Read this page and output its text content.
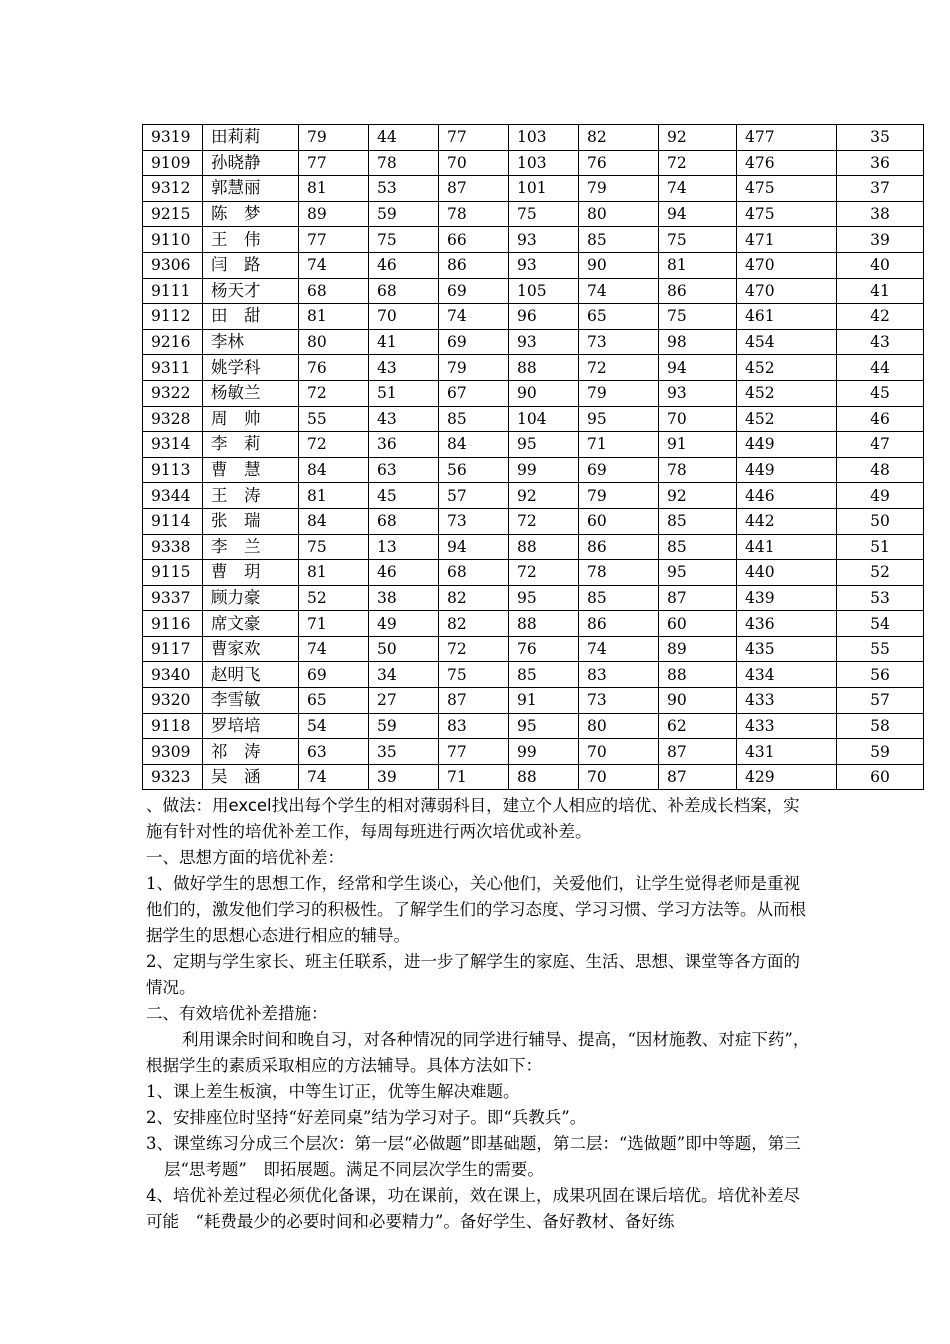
9319	田莉莉	79	44	77	103	82	92	477	35
9109	孙晓静	77	78	70	103	76	72	476	36
9312	郭慧丽	81	53	87	101	79	74	475	37
9215	陈　梦	89	59	78	75	80	94	475	38
9110	王　伟	77	75	66	93	85	75	471	39
9306	闫　路	74	46	86	93	90	81	470	40
9111	杨天才	68	68	69	105	74	86	470	41
9112	田　甜	81	70	74	96	65	75	461	42
9216	李林	80	41	69	93	73	98	454	43
9311	姚学科	76	43	79	88	72	94	452	44
9322	杨敏兰	72	51	67	90	79	93	452	45
9328	周　帅	55	43	85	104	95	70	452	46
9314	李　莉	72	36	84	95	71	91	449	47
9113	曹　慧	84	63	56	99	69	78	449	48
9344	王　涛	81	45	57	92	79	92	446	49
9114	张　瑞	84	68	73	72	60	85	442	50
9338	李　兰	75	13	94	88	86	85	441	51
9115	曹　玥	81	46	68	72	78	95	440	52
9337	顾力豪	52	38	82	95	85	87	439	53
9116	席文豪	71	49	82	88	86	60	436	54
9117	曹家欢	74	50	72	76	74	89	435	55
9340	赵明飞	69	34	75	85	83	88	434	56
9320	李雪敏	65	27	87	91	73	90	433	57
9118	罗培培	54	59	83	95	80	62	433	58
9309	祁　涛	63	35	77	99	70	87	431	59
9323	吴　涵	74	39	71	88	70	87	429	60

、做法：用excel找出每个学生的相对薄弱科目，建立个人相应的培优、补差成长档案，实施有针对性的培优补差工作，每周每班进行两次培优或补差。

一、思想方面的培优补差：

1、做好学生的思想工作，经常和学生谈心，关心他们，关爱他们，让学生觉得老师是重视他们的，激发他们学习的积极性。了解学生们的学习态度、学习习惯、学习方法等。从而根据学生的思想心态进行相应的辅导。

2、定期与学生家长、班主任联系，进一步了解学生的家庭、生活、思想、课堂等各方面的情况。

二、有效培优补差措施：

利用课余时间和晚自习，对各种情况的同学进行辅导、提高，“因材施教、对症下药”，根据学生的素质采取相应的方法辅导。具体方法如下：

1、课上差生板演，中等生订正，优等生解决难题。

2、安排座位时坚持“好差同桌”结为学习对子。即“兵教兵”。

3、课堂练习分成三个层次：第一层“必做题”即基础题，第二层：“选做题”即中等题，第三层“思考题”　即拓展题。满足不同层次学生的需要。

4、培优补差过程必须优化备课，功在课前，效在课上，成果巩固在课后培优。培优补差尽可能　“耗费最少的必要时间和必要精力”。备好学生、备好教材、备好练
